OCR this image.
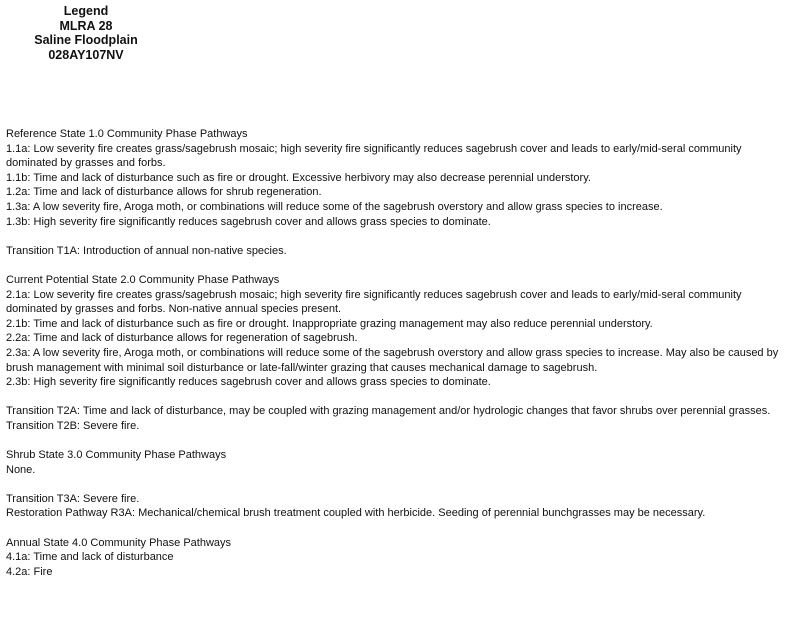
Legend
MLRA 28
Saline Floodplain
028AY107NV
Reference State 1.0 Community Phase Pathways
1.1a: Low severity fire creates grass/sagebrush mosaic; high severity fire significantly reduces sagebrush cover and leads to early/mid-seral community dominated by grasses and forbs.
1.1b: Time and lack of disturbance such as fire or drought. Excessive herbivory may also decrease perennial understory.
1.2a: Time and lack of disturbance allows for shrub regeneration.
1.3a: A low severity fire, Aroga moth, or combinations will reduce some of the sagebrush overstory and allow grass species to increase.
1.3b: High severity fire significantly reduces sagebrush cover and allows grass species to dominate.
Transition T1A: Introduction of annual non-native species.
Current Potential State 2.0 Community Phase Pathways
2.1a: Low severity fire creates grass/sagebrush mosaic; high severity fire significantly reduces sagebrush cover and leads to early/mid-seral community dominated by grasses and forbs. Non-native annual species present.
2.1b: Time and lack of disturbance such as fire or drought. Inappropriate grazing management may also reduce perennial understory.
2.2a: Time and lack of disturbance allows for regeneration of sagebrush.
2.3a: A low severity fire, Aroga moth, or combinations will reduce some of the sagebrush overstory and allow grass species to increase. May also be caused by brush management with minimal soil disturbance or late-fall/winter grazing that causes mechanical damage to sagebrush.
2.3b: High severity fire significantly reduces sagebrush cover and allows grass species to dominate.
Transition T2A: Time and lack of disturbance, may be coupled with grazing management and/or hydrologic changes that favor shrubs over perennial grasses.
Transition T2B: Severe fire.
Shrub State 3.0 Community Phase Pathways
None.
Transition T3A: Severe fire.
Restoration Pathway R3A: Mechanical/chemical brush treatment coupled with herbicide. Seeding of perennial bunchgrasses may be necessary.
Annual State 4.0 Community Phase Pathways
4.1a: Time and lack of disturbance
4.2a: Fire
